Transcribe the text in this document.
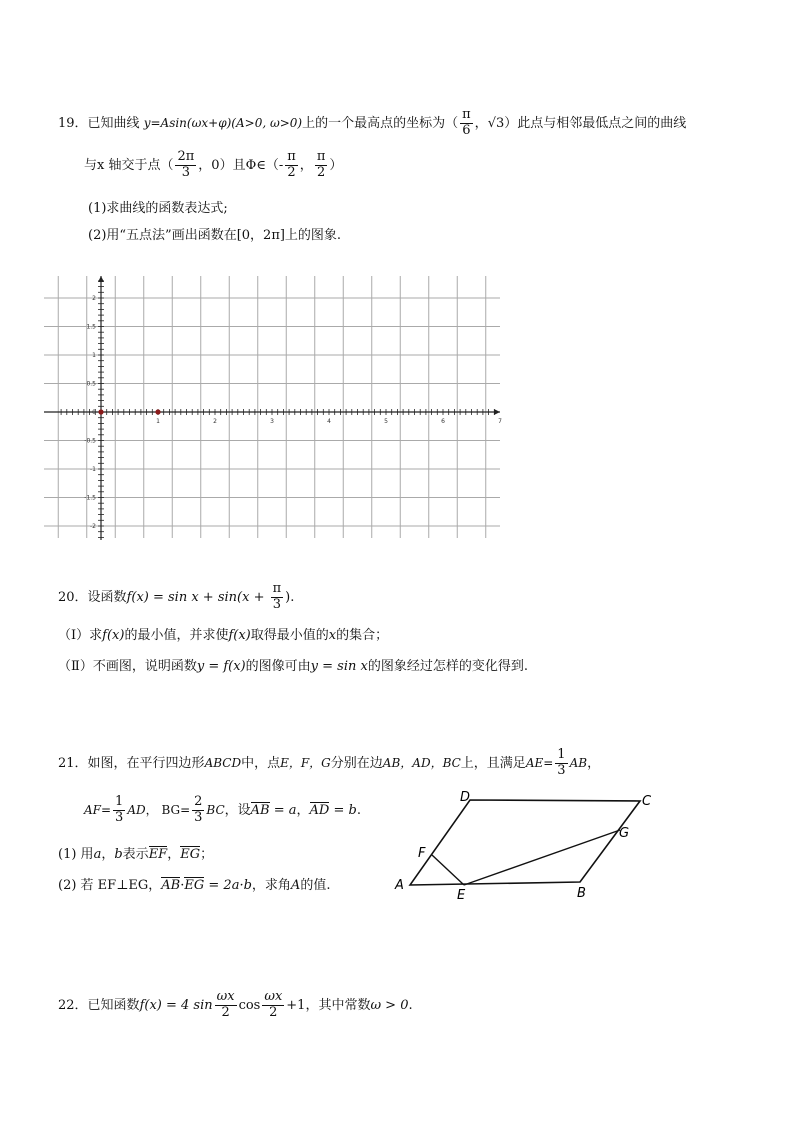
19．已知曲线 y=Asin(ωx+φ)(A>0, ω>0)上的一个最高点的坐标为（ $\frac{\pi}{6}$ ，√3）此点与相邻最低点之间的曲线
与x 轴交于点（ $\frac{2\pi}{3}$ ，0）且Φ∈（- $\frac{\pi}{2}$ ， $\frac{\pi}{2}$ ）
(1)求曲线的函数表达式;
(2)用“五点法”画出函数在[0，2π]上的图象.
2
1.5
1
0.5
0
-0.5
-1
-1.5
-2
1	2	3	4	5	6	7
20．设函数$f(x) = \sin x + \sin(x + \frac{\pi}{3}$ ).
（Ⅰ）求f(x)的最小值，并求使f(x)取得最小值的x的集合；
（Ⅱ）不画图，说明函数y = f(x)的图像可由y = sin x的图象经过怎样的变化得到.
21．如图，在平行四边形ABCD中，点E，F，G分别在边AB，AD，BC上，且满足$AE= \frac{1}{3}$ AB，
$AF= \frac{1}{3}$ AD， $BG= \frac{2}{3}$ BC，设AB = a，AD = b.
(1) 用a，b表示EF，EG；
(2) 若 EF⊥EG，AB·EG = 2a·b，求角A的值.
D	C
G
F
A
E	B
22．已知函数f(x) = 4 $\sin \frac{\omega x}{2}$ $\cos \frac{\omega x}{2} +1$，其中常数ω > 0.
